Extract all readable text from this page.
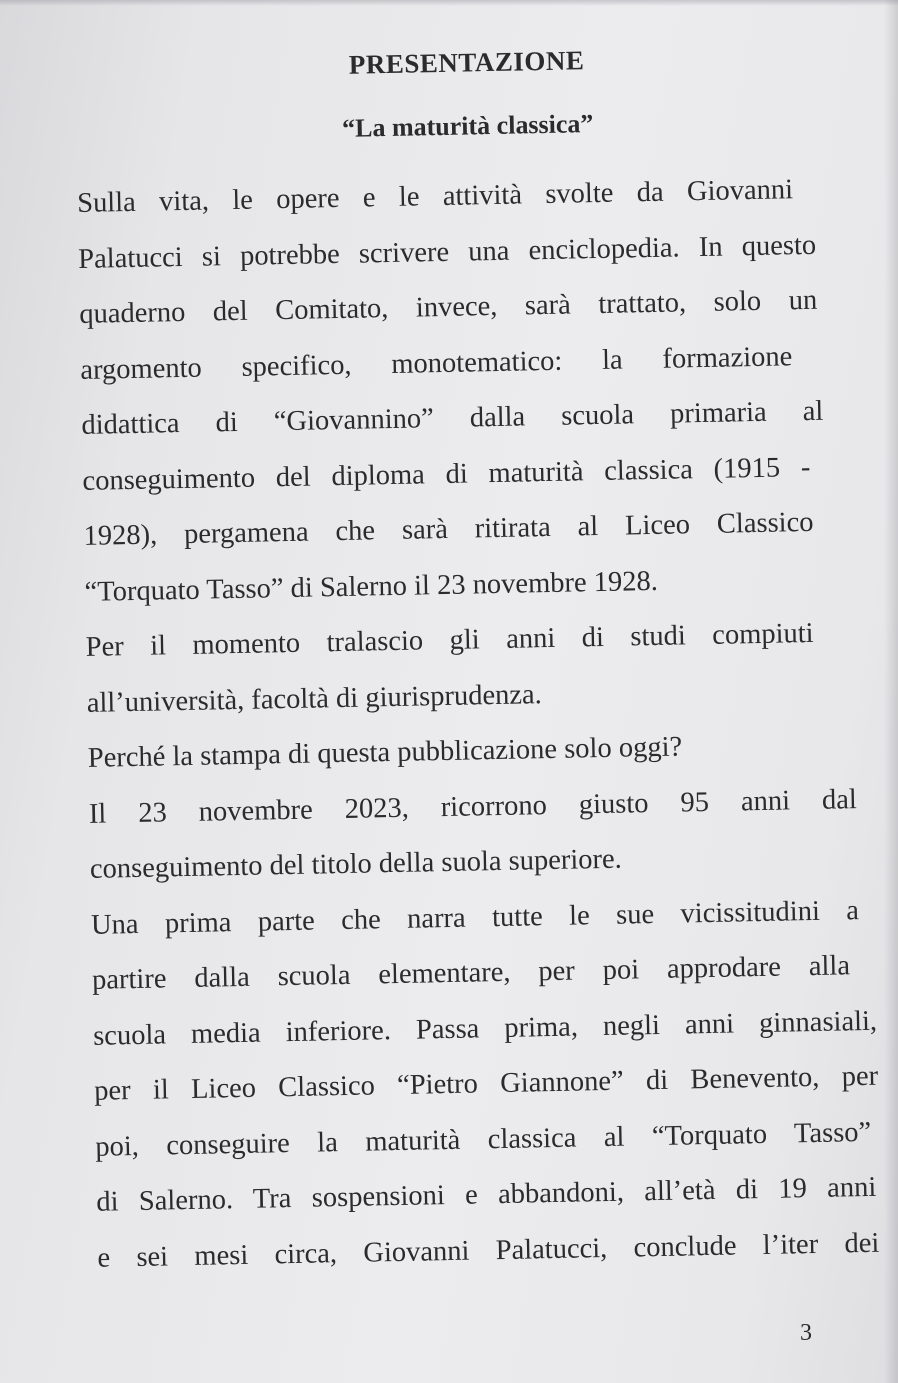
PRESENTAZIONE
“La maturità classica”
Sulla vita, le opere e le attività svolte da Giovanni
Palatucci si potrebbe scrivere una enciclopedia. In questo
quaderno del Comitato, invece, sarà trattato, solo un
argomento specifico, monotematico: la formazione
didattica di “Giovannino” dalla scuola primaria al
conseguimento del diploma di maturità classica (1915 -
1928), pergamena che sarà ritirata al Liceo Classico
“Torquato Tasso” di Salerno il 23 novembre 1928.
Per il momento tralascio gli anni di studi compiuti
all’università, facoltà di giurisprudenza.
Perché la stampa di questa pubblicazione solo oggi?
Il 23 novembre 2023, ricorrono giusto 95 anni dal
conseguimento del titolo della suola superiore.
Una prima parte che narra tutte le sue vicissitudini a
partire dalla scuola elementare, per poi approdare alla
scuola media inferiore. Passa prima, negli anni ginnasiali,
per il Liceo Classico “Pietro Giannone” di Benevento, per
poi, conseguire la maturità classica al “Torquato Tasso”
di Salerno. Tra sospensioni e abbandoni, all’età di 19 anni
e sei mesi circa, Giovanni Palatucci, conclude l’iter dei
3
